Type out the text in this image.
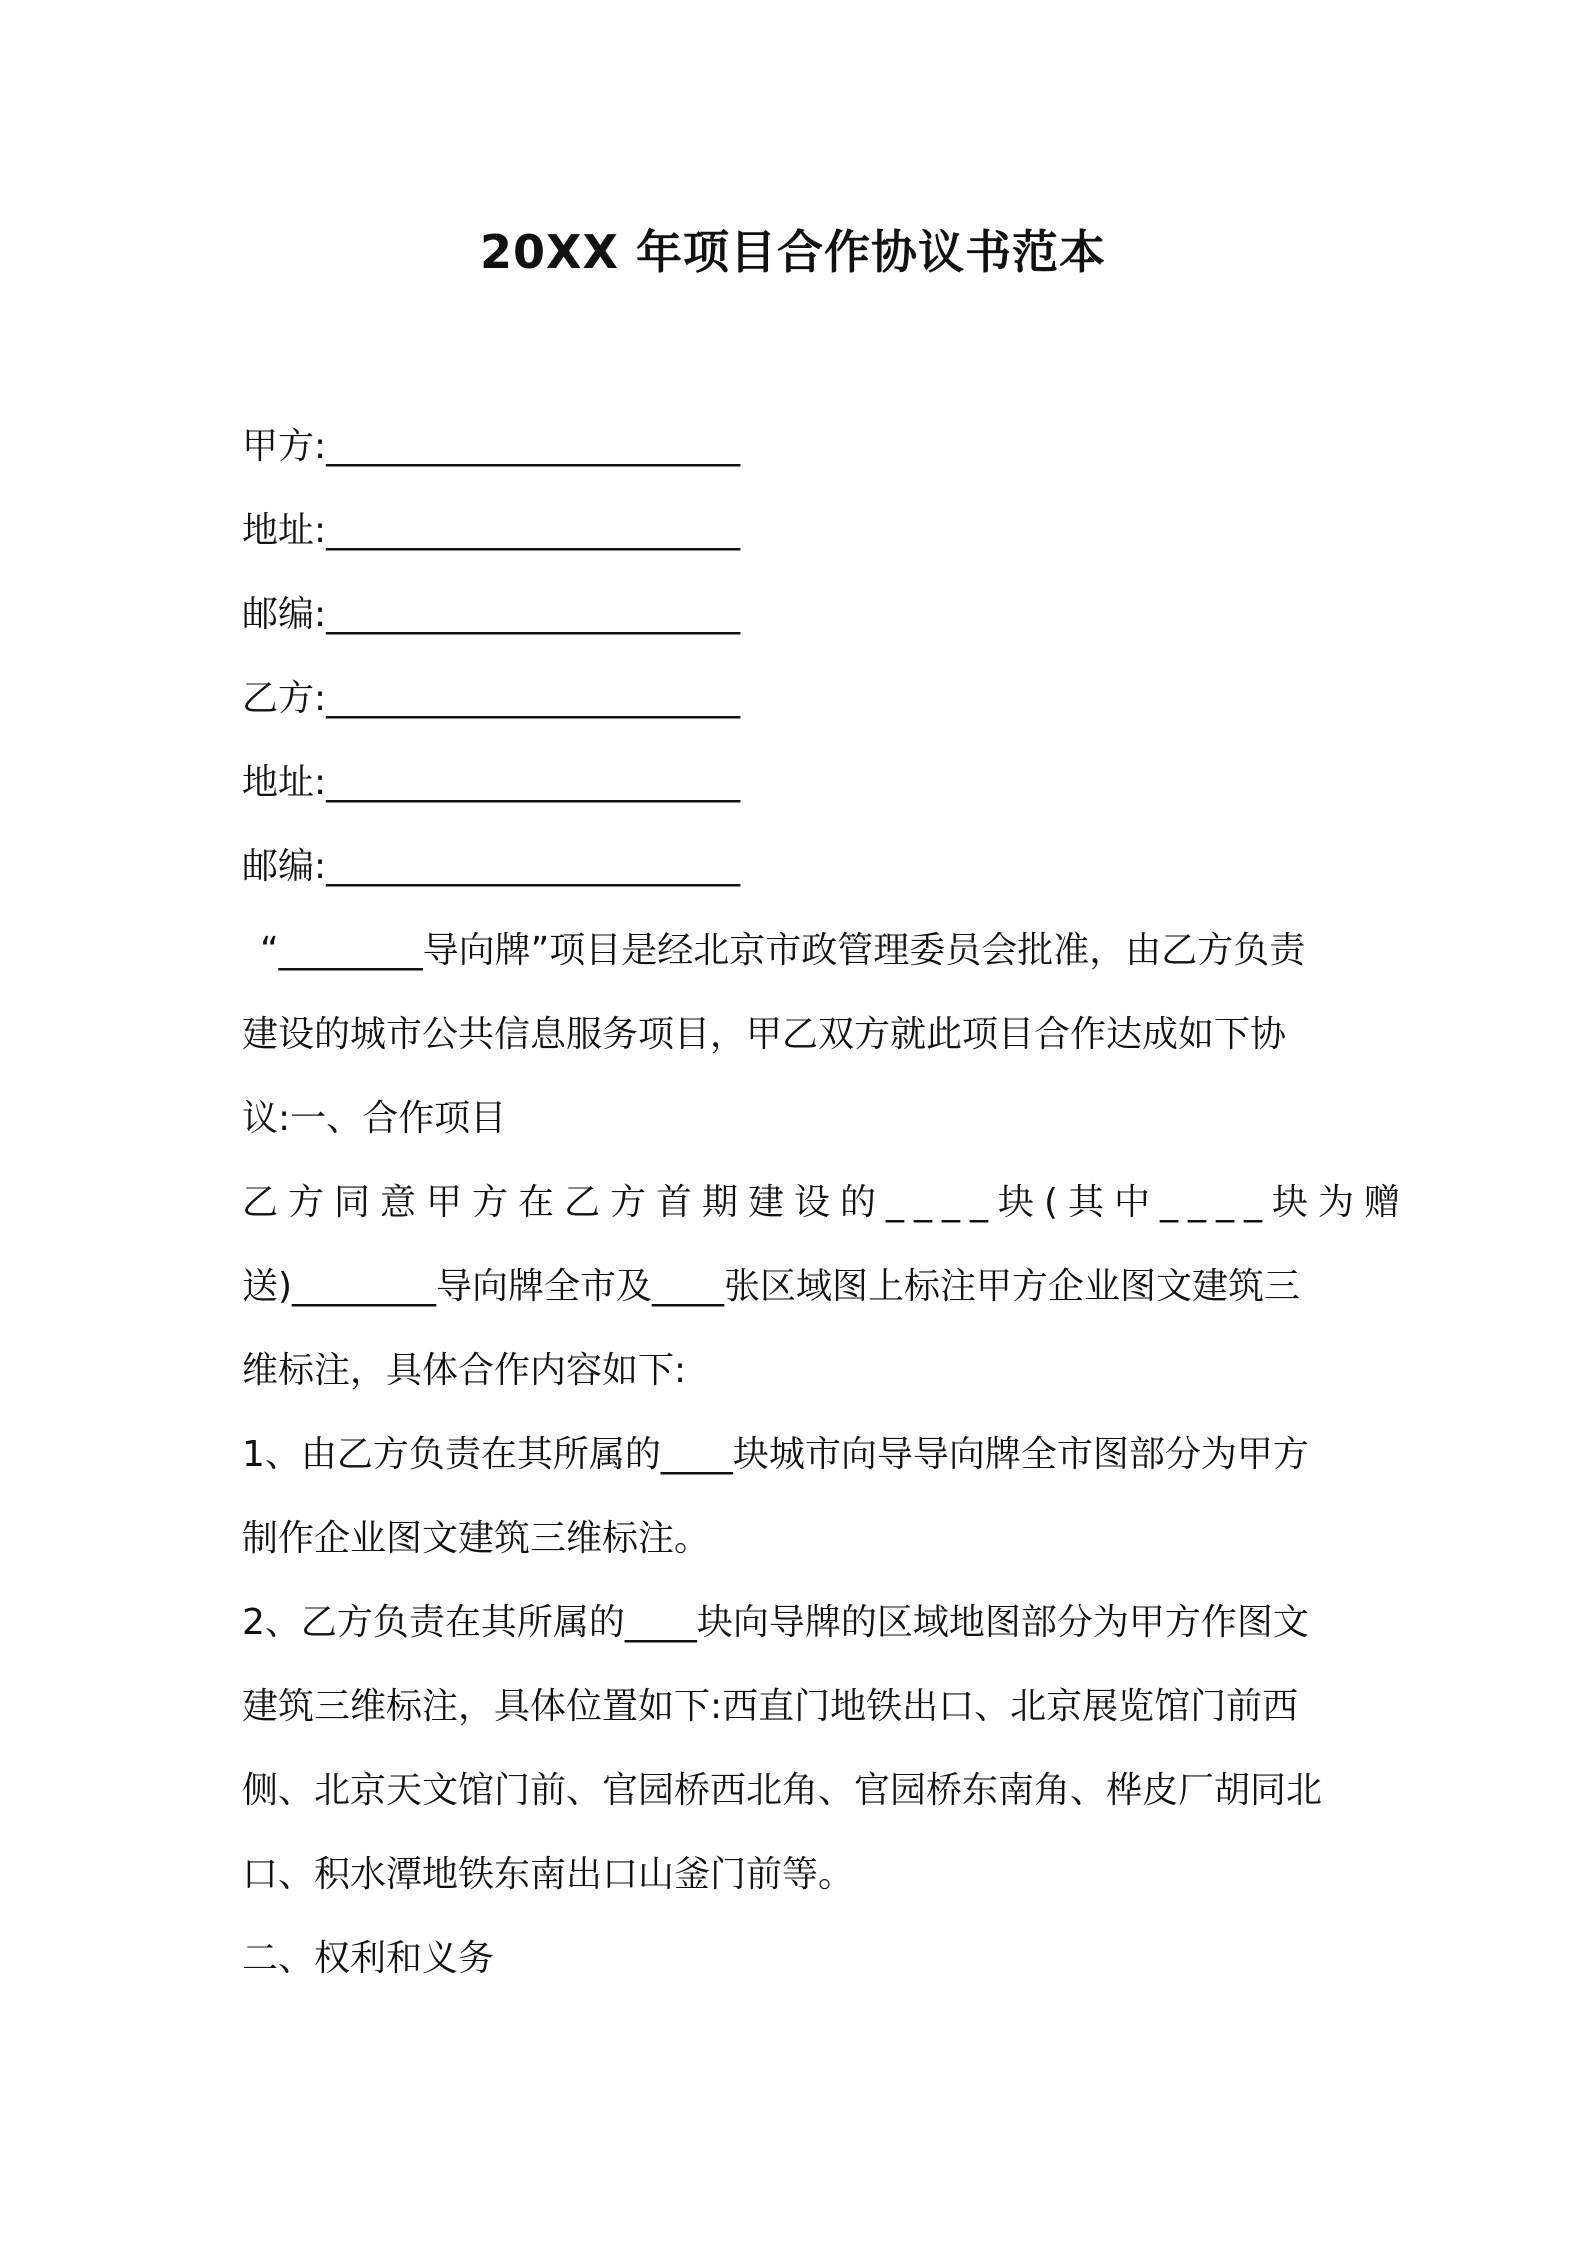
20XX 年项目合作协议书范本
甲方:_______________________
地址:_______________________
邮编:_______________________
乙方:_______________________
地址:_______________________
邮编:_______________________
“________导向牌”项目是经北京市政管理委员会批准，由乙方负责
建设的城市公共信息服务项目，甲乙双方就此项目合作达成如下协
议:一、合作项目
乙方同意甲方在乙方首期建设的____块(其中____块为赠
送)________导向牌全市及____张区域图上标注甲方企业图文建筑三
维标注，具体合作内容如下:
1、由乙方负责在其所属的____块城市向导导向牌全市图部分为甲方
制作企业图文建筑三维标注。
2、乙方负责在其所属的____块向导牌的区域地图部分为甲方作图文
建筑三维标注，具体位置如下:西直门地铁出口、北京展览馆门前西
侧、北京天文馆门前、官园桥西北角、官园桥东南角、桦皮厂胡同北
口、积水潭地铁东南出口山釜门前等。
二、权利和义务
